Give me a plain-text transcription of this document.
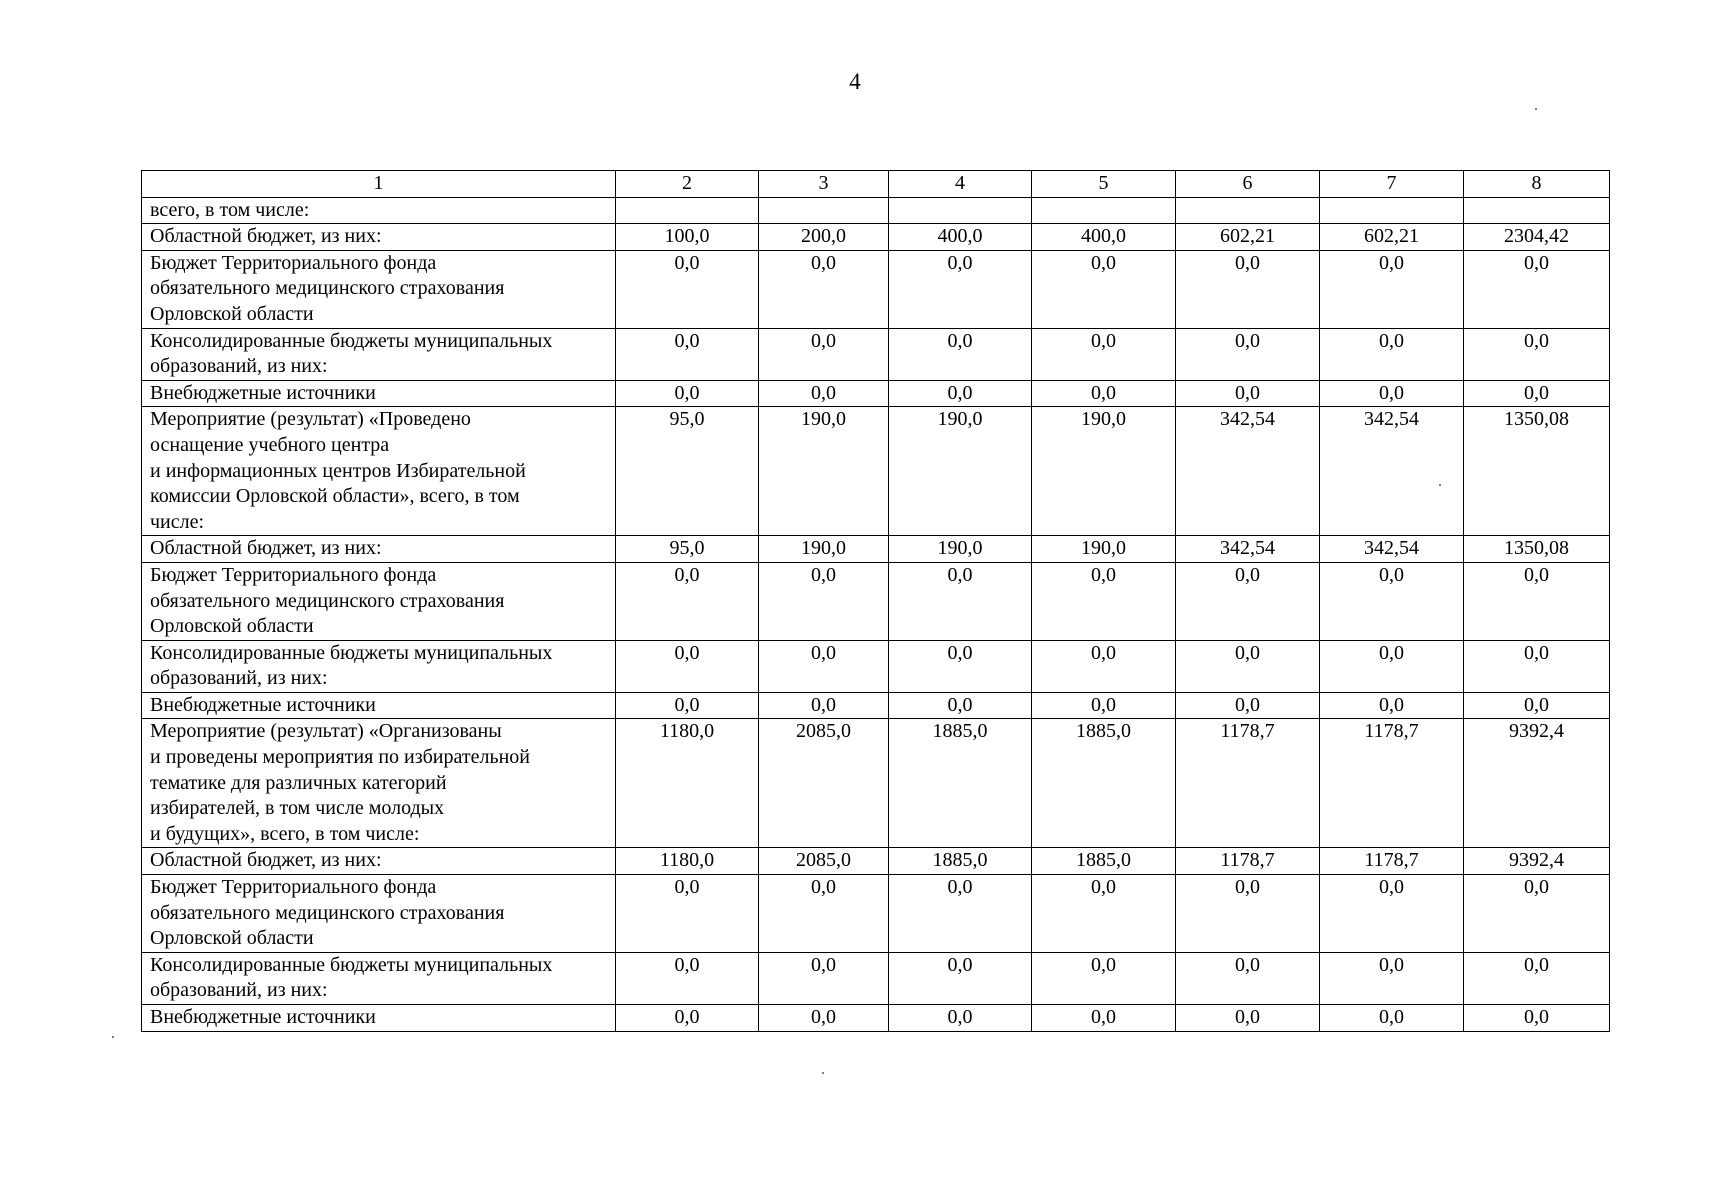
4
1	2	3	4	5	6	7	8

всего, в том числе:							

Областной бюджет, из них:	100,0	200,0	400,0	400,0	602,21	602,21	2304,42

Бюджет Территориального фонда
обязательного медицинского страхования
Орловской области	0,0	0,0	0,0	0,0	0,0	0,0	0,0

Консолидированные бюджеты муниципальных
образований, из них:	0,0	0,0	0,0	0,0	0,0	0,0	0,0

Внебюджетные источники	0,0	0,0	0,0	0,0	0,0	0,0	0,0

Мероприятие (результат) «Проведено
оснащение учебного центра
и информационных центров Избирательной
комиссии Орловской области», всего, в том
числе:	95,0	190,0	190,0	190,0	342,54	342,54	1350,08

Областной бюджет, из них:	95,0	190,0	190,0	190,0	342,54	342,54	1350,08

Бюджет Территориального фонда
обязательного медицинского страхования
Орловской области	0,0	0,0	0,0	0,0	0,0	0,0	0,0

Консолидированные бюджеты муниципальных
образований, из них:	0,0	0,0	0,0	0,0	0,0	0,0	0,0

Внебюджетные источники	0,0	0,0	0,0	0,0	0,0	0,0	0,0

Мероприятие (результат) «Организованы
и проведены мероприятия по избирательной
тематике для различных категорий
избирателей, в том числе молодых
и будущих», всего, в том числе:	1180,0	2085,0	1885,0	1885,0	1178,7	1178,7	9392,4

Областной бюджет, из них:	1180,0	2085,0	1885,0	1885,0	1178,7	1178,7	9392,4

Бюджет Территориального фонда
обязательного медицинского страхования
Орловской области	0,0	0,0	0,0	0,0	0,0	0,0	0,0

Консолидированные бюджеты муниципальных
образований, из них:	0,0	0,0	0,0	0,0	0,0	0,0	0,0

Внебюджетные источники	0,0	0,0	0,0	0,0	0,0	0,0	0,0
